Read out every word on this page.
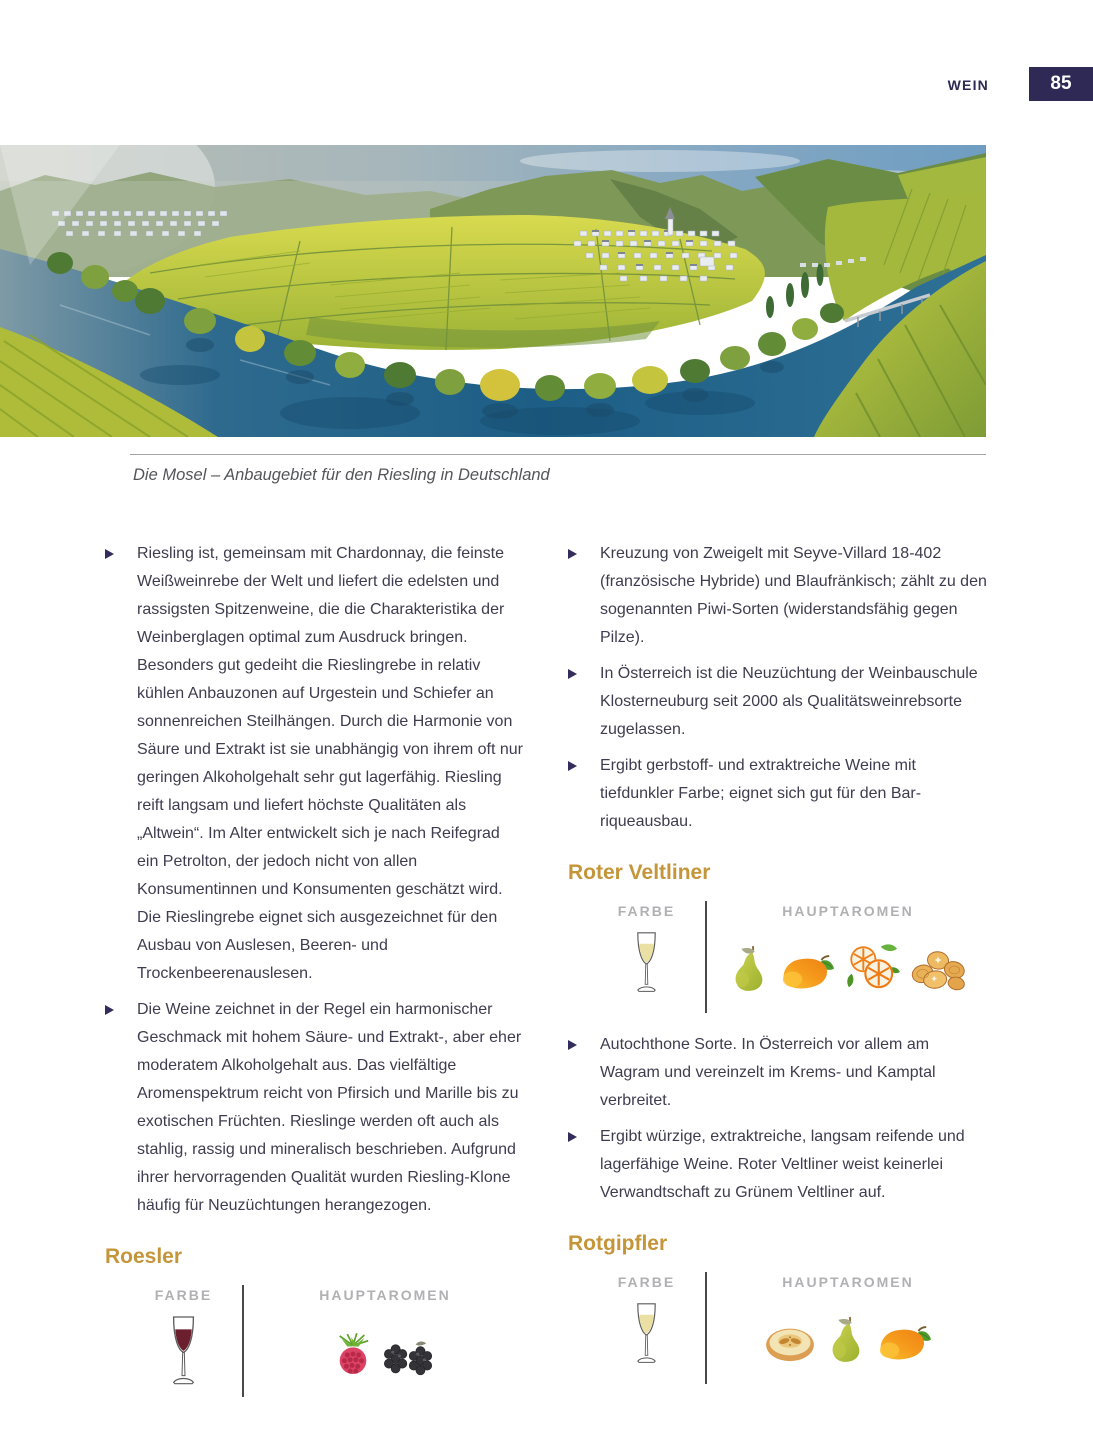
WEIN	85
Die Mosel – Anbaugebiet für den Riesling in Deutschland

Riesling ist, gemeinsam mit Chardonnay, die feinste Weißweinrebe der Welt und liefert die edelsten und rassigsten Spitzenweine, die die Charakteristika der Weinberglagen optimal zum Ausdruck bringen. Besonders gut gedeiht die Rieslingrebe in relativ kühlen Anbauzonen auf Urgestein und Schiefer an sonnenreichen Steilhängen. Durch die Harmonie von Säure und Extrakt ist sie unabhängig von ihrem oft nur geringen Alkoholgehalt sehr gut lagerfähig. Riesling reift langsam und liefert höchste Qualitäten als „Altwein“. Im Alter entwickelt sich je nach Reifegrad ein Petrolton, der jedoch nicht von allen Konsumentinnen und Konsumenten geschätzt wird. Die Rieslingrebe eignet sich ausgezeichnet für den Ausbau von Auslesen, Beeren- und Trockenbeerenauslesen.

Die Weine zeichnet in der Regel ein harmonischer Geschmack mit hohem Säure- und Extrakt-, aber eher moderatem Alkoholgehalt aus. Das vielfältige Aromenspektrum reicht von Pfirsich und Marille bis zu exotischen Früchten. Rieslinge werden oft auch als stahlig, rassig und mineralisch beschrieben. Aufgrund ihrer hervorragenden Qualität wurden Riesling-Klone häufig für Neuzüchtungen herangezogen.

Roesler
FARBE	HAUPTAROMEN

Kreuzung von Zweigelt mit Seyve-Villard 18-402 (französische Hybride) und Blaufränkisch; zählt zu den sogenannten Piwi-Sorten (widerstandsfähig gegen Pilze).

In Österreich ist die Neuzüchtung der Weinbauschule Klosterneuburg seit 2000 als Qualitätsweinrebsorte zugelassen.

Ergibt gerbstoff- und extraktreiche Weine mit tiefdunkler Farbe; eignet sich gut für den Barriqueausbau.

Roter Veltliner
FARBE	HAUPTAROMEN

Autochthone Sorte. In Österreich vor allem am Wagram und vereinzelt im Krems- und Kamptal verbreitet.

Ergibt würzige, extraktreiche, langsam reifende und lagerfähige Weine. Roter Veltliner weist keinerlei Verwandtschaft zu Grünem Veltliner auf.

Rotgipfler
FARBE	HAUPTAROMEN
